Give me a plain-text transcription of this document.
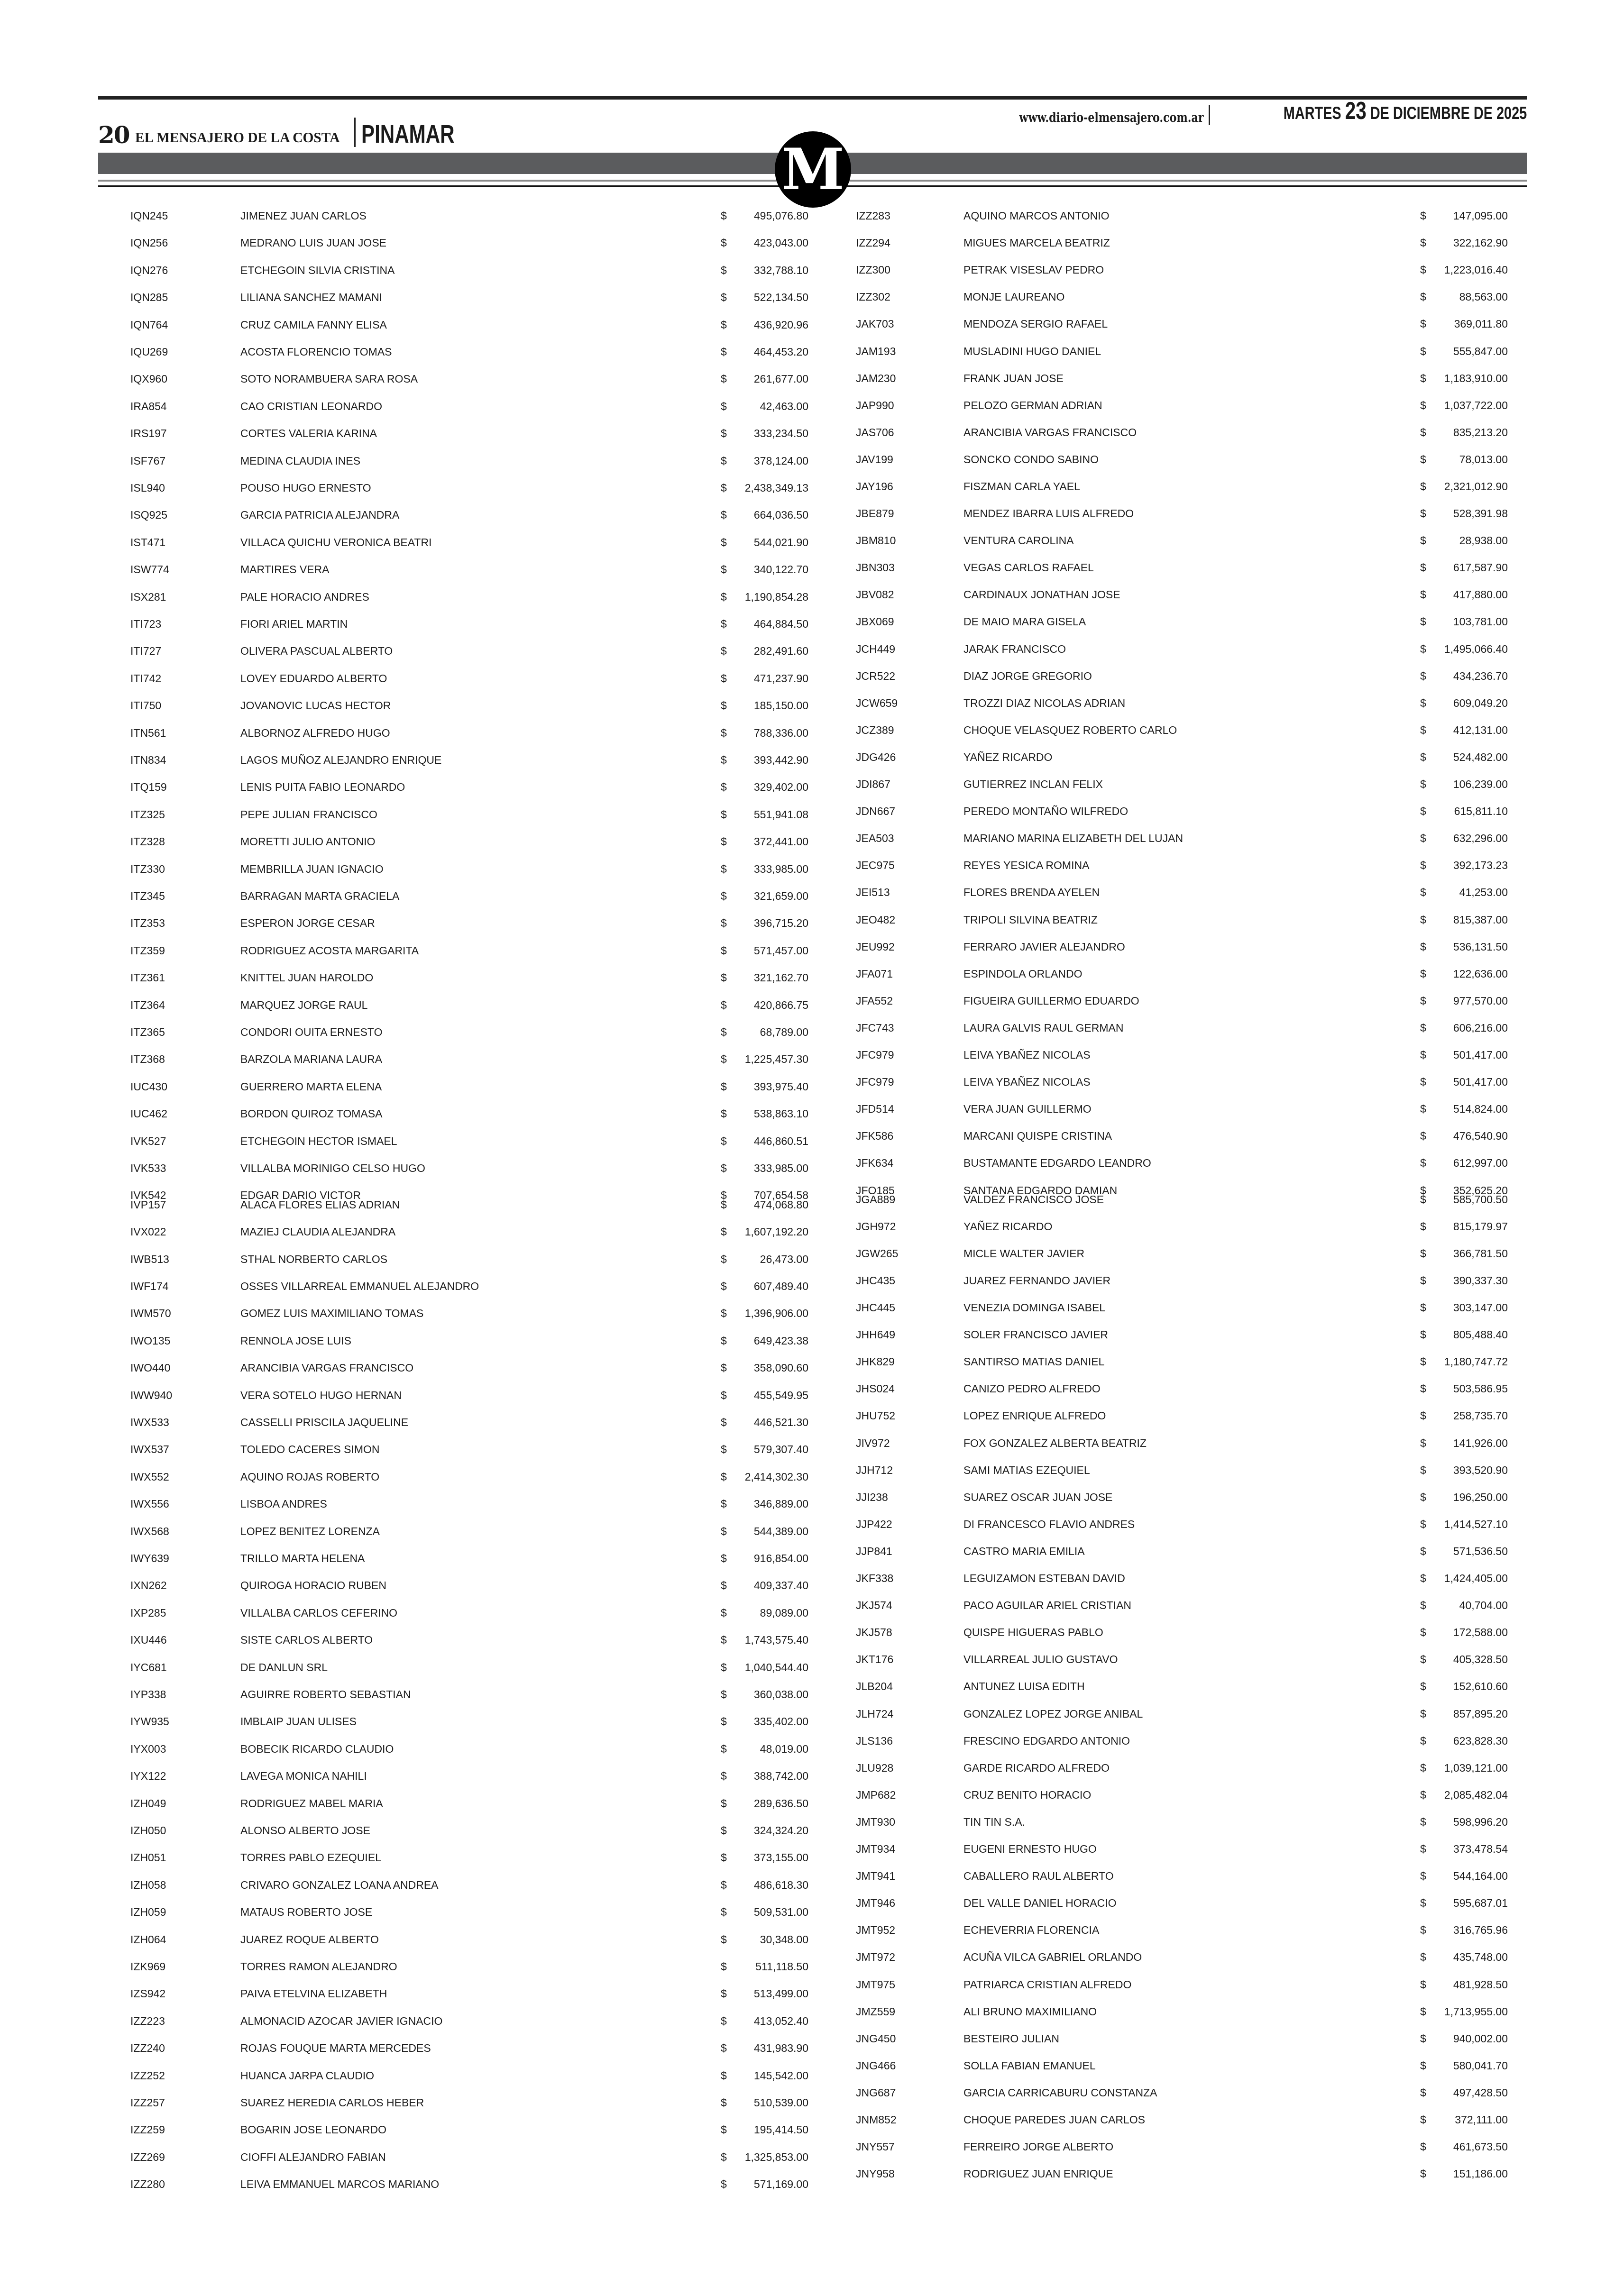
20 EL MENSAJERO DE LA COSTA PINAMAR
www.diario-elmensajero.com.ar	MARTES 23 DE DICIEMBRE DE 2025
M
IQN245	JIMENEZ JUAN CARLOS	$	495,076.80
IQN256	MEDRANO LUIS JUAN JOSE	$	423,043.00
IQN276	ETCHEGOIN SILVIA CRISTINA	$	332,788.10
IQN285	LILIANA SANCHEZ MAMANI	$	522,134.50
IQN764	CRUZ CAMILA FANNY ELISA	$	436,920.96
IQU269	ACOSTA FLORENCIO TOMAS	$	464,453.20
IQX960	SOTO NORAMBUERA SARA ROSA	$	261,677.00
IRA854	CAO CRISTIAN LEONARDO	$	42,463.00
IRS197	CORTES VALERIA KARINA	$	333,234.50
ISF767	MEDINA CLAUDIA INES	$	378,124.00
ISL940	POUSO HUGO ERNESTO	$	2,438,349.13
ISQ925	GARCIA PATRICIA ALEJANDRA	$	664,036.50
IST471	VILLACA QUICHU VERONICA BEATRI	$	544,021.90
ISW774	MARTIRES VERA	$	340,122.70
ISX281	PALE HORACIO ANDRES	$	1,190,854.28
ITI723	FIORI ARIEL MARTIN	$	464,884.50
ITI727	OLIVERA PASCUAL ALBERTO	$	282,491.60
ITI742	LOVEY EDUARDO ALBERTO	$	471,237.90
ITI750	JOVANOVIC LUCAS HECTOR	$	185,150.00
ITN561	ALBORNOZ ALFREDO HUGO	$	788,336.00
ITN834	LAGOS MUÑOZ ALEJANDRO ENRIQUE	$	393,442.90
ITQ159	LENIS PUITA FABIO LEONARDO	$	329,402.00
ITZ325	PEPE JULIAN FRANCISCO	$	551,941.08
ITZ328	MORETTI JULIO ANTONIO	$	372,441.00
ITZ330	MEMBRILLA JUAN IGNACIO	$	333,985.00
ITZ345	BARRAGAN MARTA GRACIELA	$	321,659.00
ITZ353	ESPERON JORGE CESAR	$	396,715.20
ITZ359	RODRIGUEZ ACOSTA MARGARITA	$	571,457.00
ITZ361	KNITTEL JUAN HAROLDO	$	321,162.70
ITZ364	MARQUEZ JORGE RAUL	$	420,866.75
ITZ365	CONDORI OUITA ERNESTO	$	68,789.00
ITZ368	BARZOLA MARIANA LAURA	$	1,225,457.30
IUC430	GUERRERO MARTA ELENA	$	393,975.40
IUC462	BORDON QUIROZ TOMASA	$	538,863.10
IVK527	ETCHEGOIN HECTOR ISMAEL	$	446,860.51
IVK533	VILLALBA MORINIGO CELSO HUGO	$	333,985.00
IVK542	EDGAR DARIO VICTOR	$	707,654.58
IVP157	ALACA FLORES ELIAS ADRIAN	$	474,068.80
IVX022	MAZIEJ CLAUDIA ALEJANDRA	$	1,607,192.20
IWB513	STHAL NORBERTO CARLOS	$	26,473.00
IWF174	OSSES VILLARREAL EMMANUEL ALEJANDRO	$	607,489.40
IWM570	GOMEZ LUIS MAXIMILIANO TOMAS	$	1,396,906.00
IWO135	RENNOLA JOSE LUIS	$	649,423.38
IWO440	ARANCIBIA VARGAS FRANCISCO	$	358,090.60
IWW940	VERA SOTELO HUGO HERNAN	$	455,549.95
IWX533	CASSELLI PRISCILA JAQUELINE	$	446,521.30
IWX537	TOLEDO CACERES SIMON	$	579,307.40
IWX552	AQUINO ROJAS ROBERTO	$	2,414,302.30
IWX556	LISBOA ANDRES	$	346,889.00
IWX568	LOPEZ BENITEZ LORENZA	$	544,389.00
IWY639	TRILLO MARTA HELENA	$	916,854.00
IXN262	QUIROGA HORACIO RUBEN	$	409,337.40
IXP285	VILLALBA CARLOS CEFERINO	$	89,089.00
IXU446	SISTE CARLOS ALBERTO	$	1,743,575.40
IYC681	DE DANLUN SRL	$	1,040,544.40
IYP338	AGUIRRE ROBERTO SEBASTIAN	$	360,038.00
IYW935	IMBLAIP JUAN ULISES	$	335,402.00
IYX003	BOBECIK RICARDO CLAUDIO	$	48,019.00
IYX122	LAVEGA MONICA NAHILI	$	388,742.00
IZH049	RODRIGUEZ MABEL MARIA	$	289,636.50
IZH050	ALONSO ALBERTO JOSE	$	324,324.20
IZH051	TORRES PABLO EZEQUIEL	$	373,155.00
IZH058	CRIVARO GONZALEZ LOANA ANDREA	$	486,618.30
IZH059	MATAUS ROBERTO JOSE	$	509,531.00
IZH064	JUAREZ ROQUE ALBERTO	$	30,348.00
IZK969	TORRES RAMON ALEJANDRO	$	511,118.50
IZS942	PAIVA ETELVINA ELIZABETH	$	513,499.00
IZZ223	ALMONACID AZOCAR JAVIER IGNACIO	$	413,052.40
IZZ240	ROJAS FOUQUE MARTA MERCEDES	$	431,983.90
IZZ252	HUANCA JARPA CLAUDIO	$	145,542.00
IZZ257	SUAREZ HEREDIA CARLOS HEBER	$	510,539.00
IZZ259	BOGARIN JOSE LEONARDO	$	195,414.50
IZZ269	CIOFFI ALEJANDRO FABIAN	$	1,325,853.00
IZZ280	LEIVA EMMANUEL MARCOS MARIANO	$	571,169.00
IZZ283	AQUINO MARCOS ANTONIO	$	147,095.00
IZZ294	MIGUES MARCELA BEATRIZ	$	322,162.90
IZZ300	PETRAK VISESLAV PEDRO	$	1,223,016.40
IZZ302	MONJE LAUREANO	$	88,563.00
JAK703	MENDOZA SERGIO RAFAEL	$	369,011.80
JAM193	MUSLADINI HUGO DANIEL	$	555,847.00
JAM230	FRANK JUAN JOSE	$	1,183,910.00
JAP990	PELOZO GERMAN ADRIAN	$	1,037,722.00
JAS706	ARANCIBIA VARGAS FRANCISCO	$	835,213.20
JAV199	SONCKO CONDO SABINO	$	78,013.00
JAY196	FISZMAN CARLA YAEL	$	2,321,012.90
JBE879	MENDEZ IBARRA LUIS ALFREDO	$	528,391.98
JBM810	VENTURA CAROLINA	$	28,938.00
JBN303	VEGAS CARLOS RAFAEL	$	617,587.90
JBV082	CARDINAUX JONATHAN JOSE	$	417,880.00
JBX069	DE MAIO MARA GISELA	$	103,781.00
JCH449	JARAK FRANCISCO	$	1,495,066.40
JCR522	DIAZ JORGE GREGORIO	$	434,236.70
JCW659	TROZZI DIAZ NICOLAS ADRIAN	$	609,049.20
JCZ389	CHOQUE VELASQUEZ ROBERTO CARLO	$	412,131.00
JDG426	YAÑEZ RICARDO	$	524,482.00
JDI867	GUTIERREZ INCLAN FELIX	$	106,239.00
JDN667	PEREDO MONTAÑO WILFREDO	$	615,811.10
JEA503	MARIANO MARINA ELIZABETH DEL LUJAN	$	632,296.00
JEC975	REYES YESICA ROMINA	$	392,173.23
JEI513	FLORES BRENDA AYELEN	$	41,253.00
JEO482	TRIPOLI SILVINA BEATRIZ	$	815,387.00
JEU992	FERRARO JAVIER ALEJANDRO	$	536,131.50
JFA071	ESPINDOLA ORLANDO	$	122,636.00
JFA552	FIGUEIRA GUILLERMO EDUARDO	$	977,570.00
JFC743	LAURA GALVIS RAUL GERMAN	$	606,216.00
JFC979	LEIVA YBAÑEZ NICOLAS	$	501,417.00
JFC979	LEIVA YBAÑEZ NICOLAS	$	501,417.00
JFD514	VERA JUAN GUILLERMO	$	514,824.00
JFK586	MARCANI QUISPE CRISTINA	$	476,540.90
JFK634	BUSTAMANTE EDGARDO LEANDRO	$	612,997.00
JFO185	SANTANA EDGARDO DAMIAN	$	352,625.20
JGA889	VALDEZ FRANCISCO JOSE	$	585,700.50
JGH972	YAÑEZ RICARDO	$	815,179.97
JGW265	MICLE WALTER JAVIER	$	366,781.50
JHC435	JUAREZ FERNANDO JAVIER	$	390,337.30
JHC445	VENEZIA DOMINGA ISABEL	$	303,147.00
JHH649	SOLER FRANCISCO JAVIER	$	805,488.40
JHK829	SANTIRSO MATIAS DANIEL	$	1,180,747.72
JHS024	CANIZO PEDRO ALFREDO	$	503,586.95
JHU752	LOPEZ ENRIQUE ALFREDO	$	258,735.70
JIV972	FOX GONZALEZ ALBERTA BEATRIZ	$	141,926.00
JJH712	SAMI MATIAS EZEQUIEL	$	393,520.90
JJI238	SUAREZ OSCAR JUAN JOSE	$	196,250.00
JJP422	DI FRANCESCO FLAVIO ANDRES	$	1,414,527.10
JJP841	CASTRO MARIA EMILIA	$	571,536.50
JKF338	LEGUIZAMON ESTEBAN DAVID	$	1,424,405.00
JKJ574	PACO AGUILAR ARIEL CRISTIAN	$	40,704.00
JKJ578	QUISPE HIGUERAS PABLO	$	172,588.00
JKT176	VILLARREAL JULIO GUSTAVO	$	405,328.50
JLB204	ANTUNEZ LUISA EDITH	$	152,610.60
JLH724	GONZALEZ LOPEZ JORGE ANIBAL	$	857,895.20
JLS136	FRESCINO EDGARDO ANTONIO	$	623,828.30
JLU928	GARDE RICARDO ALFREDO	$	1,039,121.00
JMP682	CRUZ BENITO HORACIO	$	2,085,482.04
JMT930	TIN TIN S.A.	$	598,996.20
JMT934	EUGENI ERNESTO HUGO	$	373,478.54
JMT941	CABALLERO RAUL ALBERTO	$	544,164.00
JMT946	DEL VALLE DANIEL HORACIO	$	595,687.01
JMT952	ECHEVERRIA FLORENCIA	$	316,765.96
JMT972	ACUÑA VILCA GABRIEL ORLANDO	$	435,748.00
JMT975	PATRIARCA CRISTIAN ALFREDO	$	481,928.50
JMZ559	ALI BRUNO MAXIMILIANO	$	1,713,955.00
JNG450	BESTEIRO JULIAN	$	940,002.00
JNG466	SOLLA FABIAN EMANUEL	$	580,041.70
JNG687	GARCIA CARRICABURU CONSTANZA	$	497,428.50
JNM852	CHOQUE PAREDES JUAN CARLOS	$	372,111.00
JNY557	FERREIRO JORGE ALBERTO	$	461,673.50
JNY958	RODRIGUEZ JUAN ENRIQUE	$	151,186.00
